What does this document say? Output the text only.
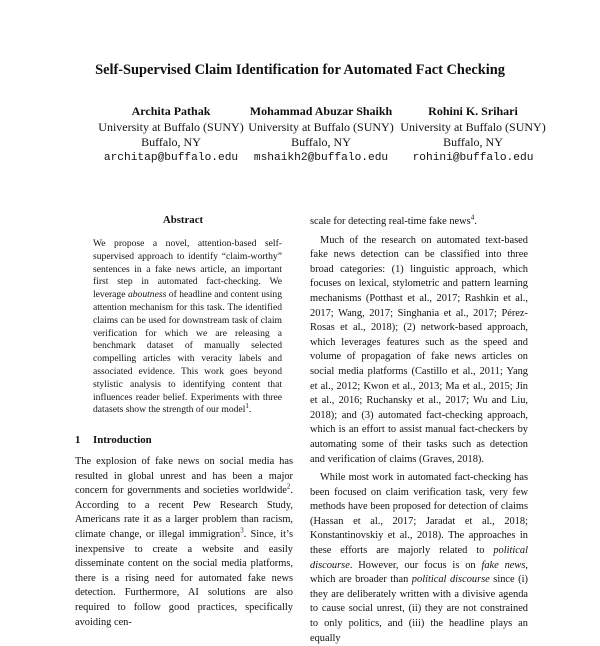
Self-Supervised Claim Identification for Automated Fact Checking
Archita Pathak
University at Buffalo (SUNY)
Buffalo, NY
architap@buffalo.edu
Mohammad Abuzar Shaikh
University at Buffalo (SUNY)
Buffalo, NY
mshaikh2@buffalo.edu
Rohini K. Srihari
University at Buffalo (SUNY)
Buffalo, NY
rohini@buffalo.edu
Abstract
We propose a novel, attention-based self-supervised approach to identify “claim-worthy” sentences in a fake news article, an important first step in automated fact-checking. We leverage aboutness of headline and content using attention mechanism for this task. The identified claims can be used for downstream task of claim verification for which we are releasing a benchmark dataset of manually selected compelling articles with veracity labels and associated evidence. This work goes beyond stylistic analysis to identifying content that influences reader belief. Experiments with three datasets show the strength of our model$^1$.
1 Introduction
The explosion of fake news on social media has resulted in global unrest and has been a major concern for governments and societies worldwide$^2$. According to a recent Pew Research Study, Americans rate it as a larger problem than racism, climate change, or illegal immigration$^3$. Since, it’s inexpensive to create a website and easily disseminate content on the social media platforms, there is a rising need for automated fake news detection. Furthermore, AI solutions are also required to follow good practices, specifically avoiding cen-

scale for detecting real-time fake news$^4$.

Much of the research on automated text-based fake news detection can be classified into three broad categories: (1) linguistic approach, which focuses on lexical, stylometric and pattern learning mechanisms (Potthast et al., 2017; Rashkin et al., 2017; Wang, 2017; Singhania et al., 2017; Pérez-Rosas et al., 2018); (2) network-based approach, which leverages features such as the speed and volume of propagation of fake news articles on social media platforms (Castillo et al., 2011; Yang et al., 2012; Kwon et al., 2013; Ma et al., 2015; Jin et al., 2016; Ruchansky et al., 2017; Wu and Liu, 2018); and (3) automated fact-checking approach, which is an effort to assist manual fact-checkers by automating some of their tasks such as detection and verification of claims (Graves, 2018).

While most work in automated fact-checking has been focused on claim verification task, very few methods have been proposed for detection of claims (Hassan et al., 2017; Jaradat et al., 2018; Konstantinovskiy et al., 2018). The approaches in these efforts are majorly related to political discourse. However, our focus is on fake news, which are broader than political discourse since (i) they are deliberately written with a divisive agenda to cause social unrest, (ii) they are not constrained to only politics, and (iii) the headline plays an equally
